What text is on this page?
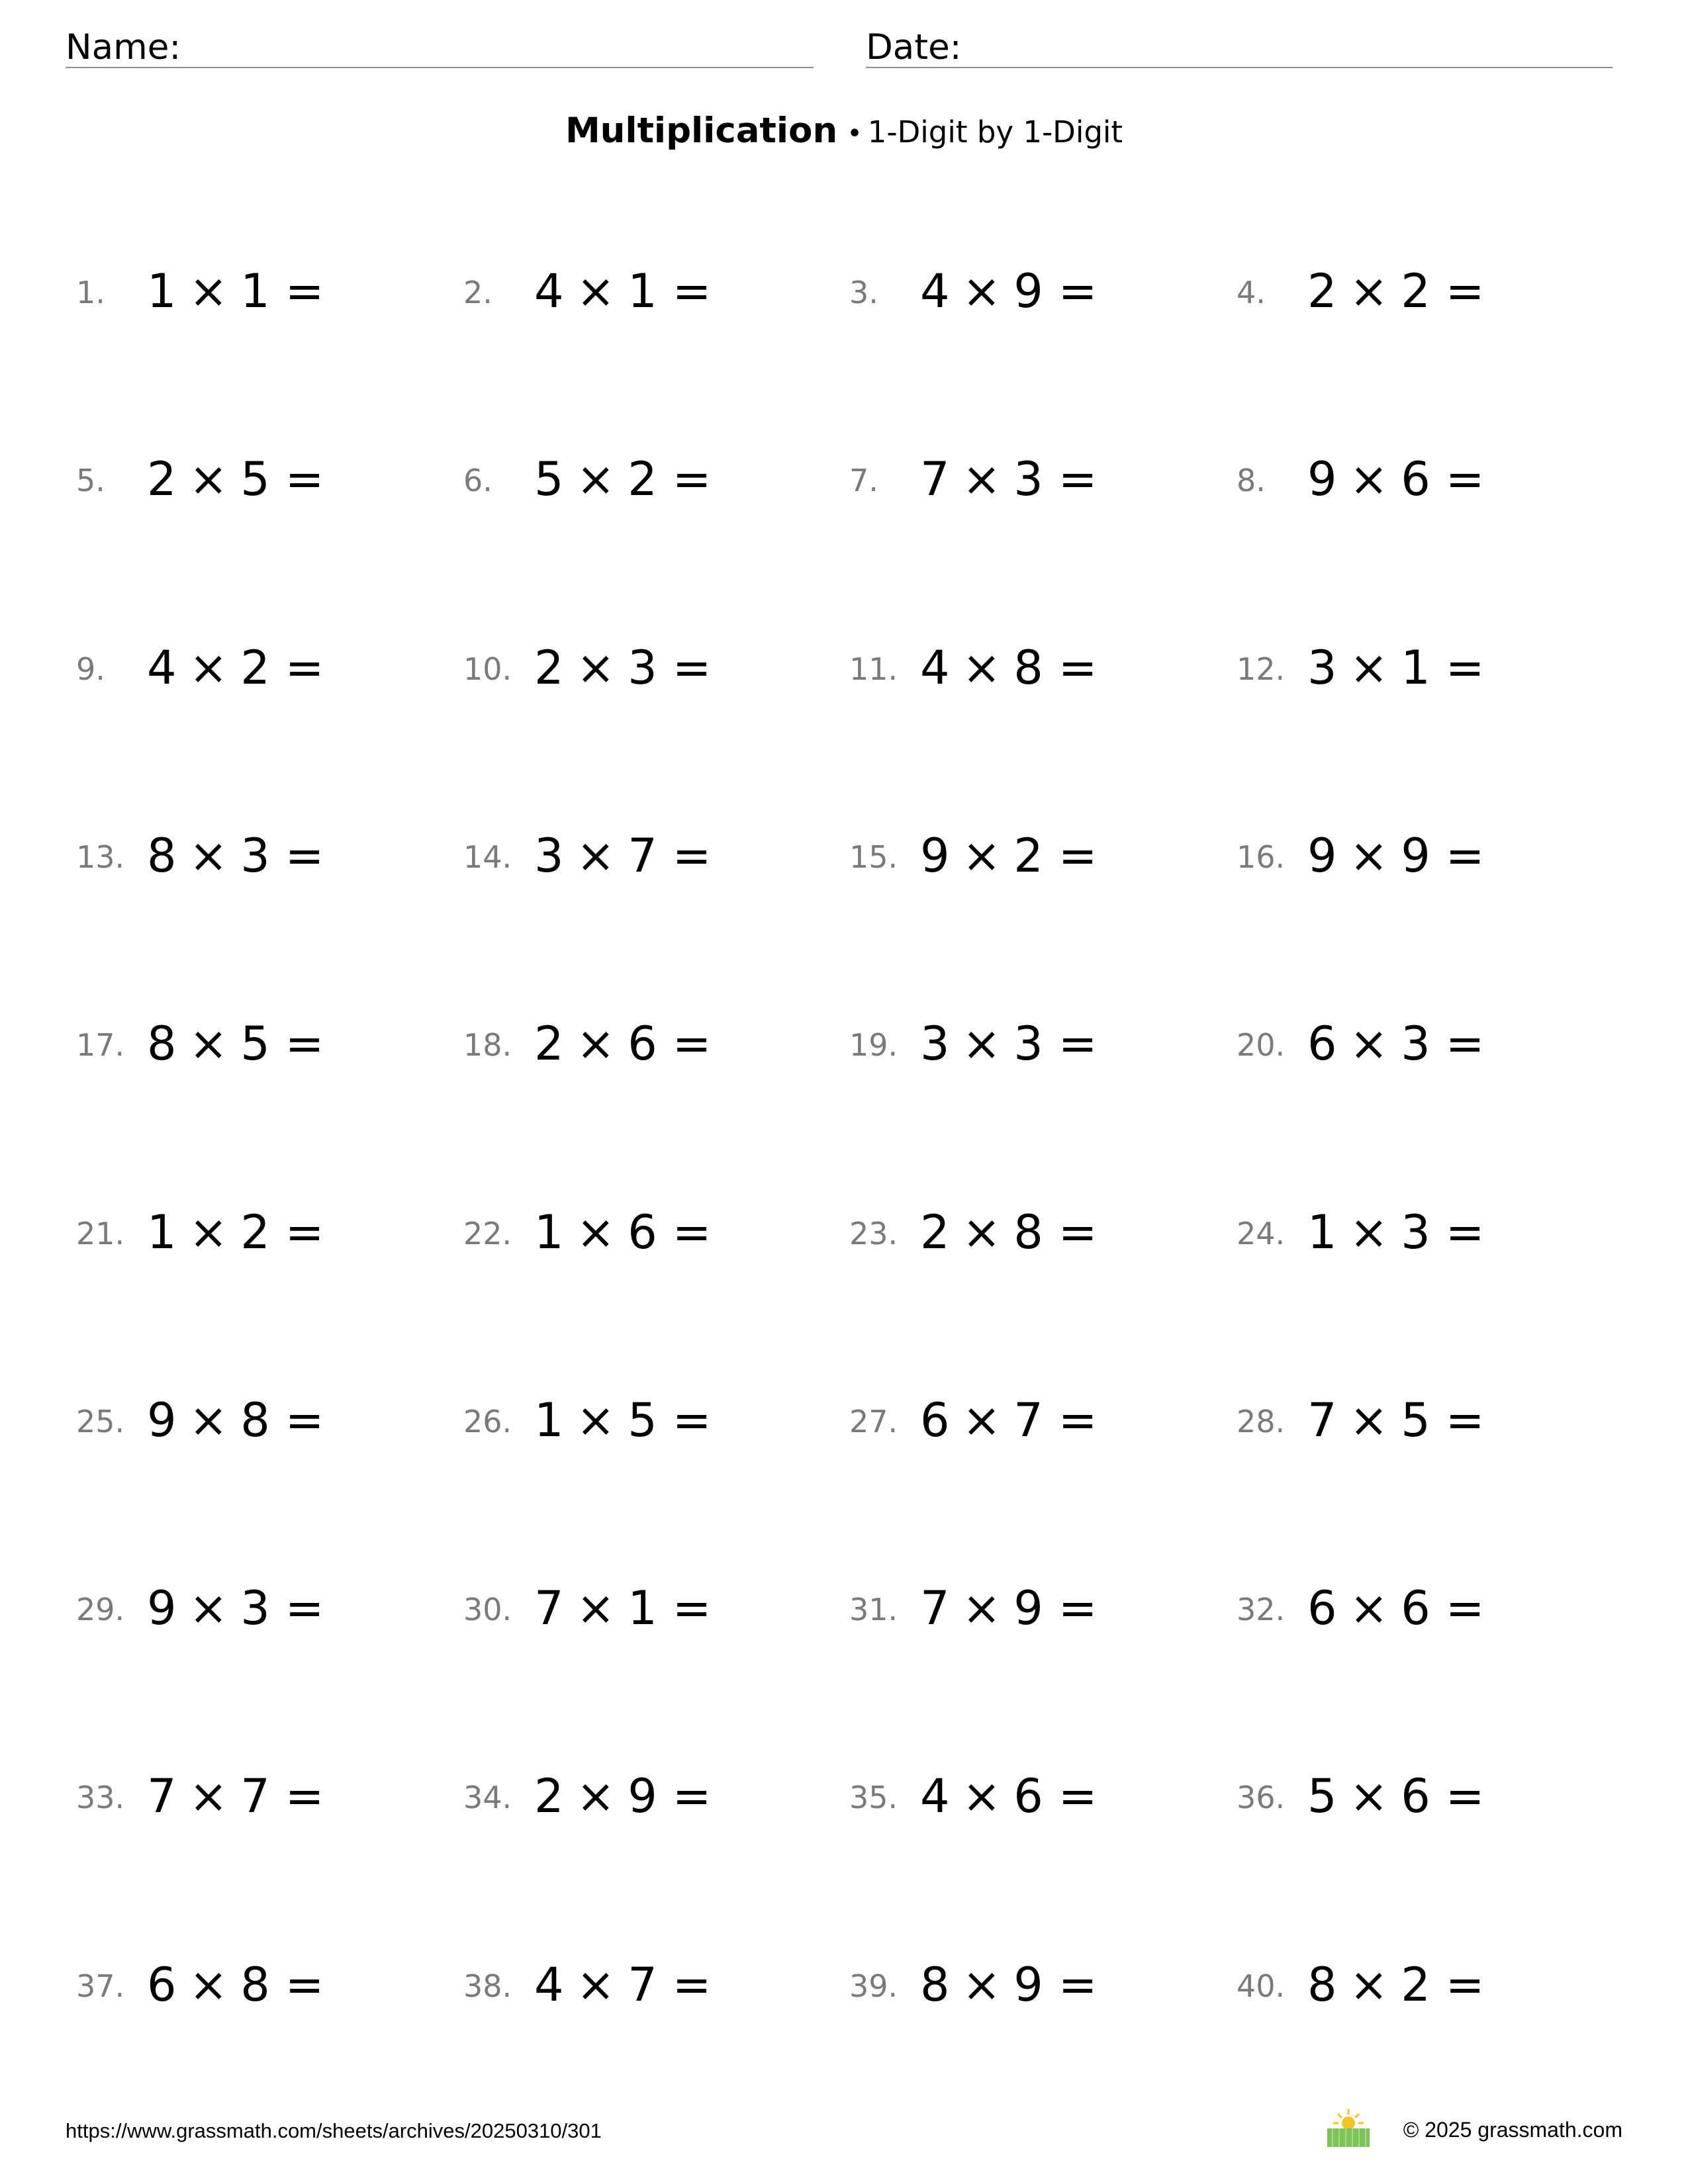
Name:	Date:
Multiplication • 1-Digit by 1-Digit
1. 1 × 1 =	2. 4 × 1 =	3. 4 × 9 =	4. 2 × 2 =
5. 2 × 5 =	6. 5 × 2 =	7. 7 × 3 =	8. 9 × 6 =
9. 4 × 2 =	10. 2 × 3 =	11. 4 × 8 =	12. 3 × 1 =
13. 8 × 3 =	14. 3 × 7 =	15. 9 × 2 =	16. 9 × 9 =
17. 8 × 5 =	18. 2 × 6 =	19. 3 × 3 =	20. 6 × 3 =
21. 1 × 2 =	22. 1 × 6 =	23. 2 × 8 =	24. 1 × 3 =
25. 9 × 8 =	26. 1 × 5 =	27. 6 × 7 =	28. 7 × 5 =
29. 9 × 3 =	30. 7 × 1 =	31. 7 × 9 =	32. 6 × 6 =
33. 7 × 7 =	34. 2 × 9 =	35. 4 × 6 =	36. 5 × 6 =
37. 6 × 8 =	38. 4 × 7 =	39. 8 × 9 =	40. 8 × 2 =
https://www.grassmath.com/sheets/archives/20250310/301	© 2025 grassmath.com
